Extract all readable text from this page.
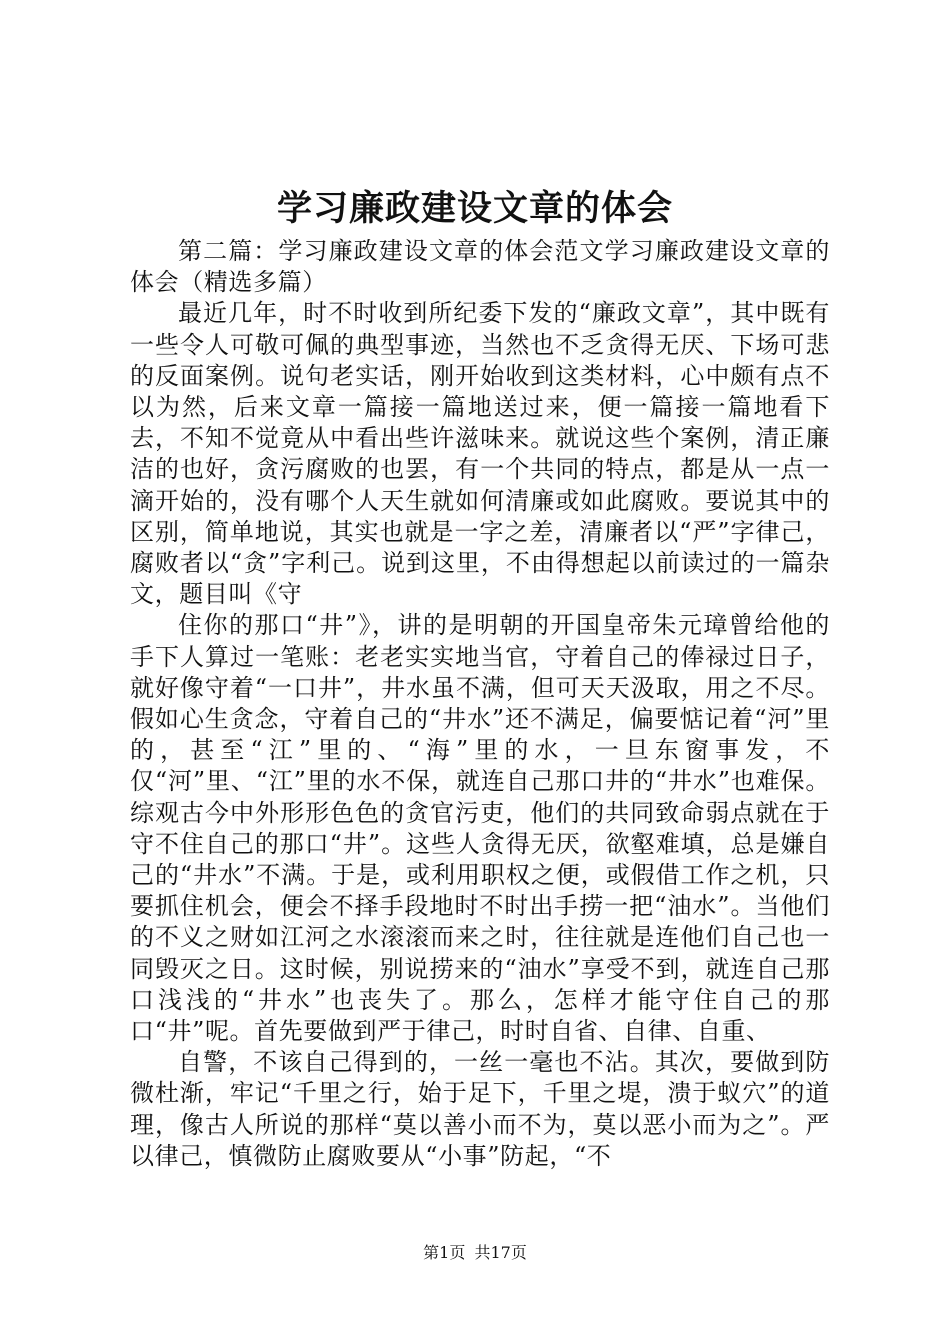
学习廉政建设文章的体会

第二篇：学习廉政建设文章的体会范文学习廉政建设文章的体会（精选多篇）

最近几年，时不时收到所纪委下发的“廉政文章”，其中既有一些令人可敬可佩的典型事迹，当然也不乏贪得无厌、下场可悲的反面案例。说句老实话，刚开始收到这类材料，心中颇有点不以为然，后来文章一篇接一篇地送过来，便一篇接一篇地看下去，不知不觉竟从中看出些许滋味来。就说这些个案例，清正廉洁的也好，贪污腐败的也罢，有一个共同的特点，都是从一点一滴开始的，没有哪个人天生就如何清廉或如此腐败。要说其中的区别，简单地说，其实也就是一字之差，清廉者以“严”字律己，腐败者以“贪”字利己。说到这里，不由得想起以前读过的一篇杂文，题目叫《守

住你的那口“井”》，讲的是明朝的开国皇帝朱元璋曾给他的手下人算过一笔账：老老实实地当官，守着自己的俸禄过日子，就好像守着“一口井”，井水虽不满，但可天天汲取，用之不尽。假如心生贪念，守着自己的“井水”还不满足，偏要惦记着“河”里的，甚至“江”里的、“海”里的水，一旦东窗事发，不仅“河”里、“江”里的水不保，就连自己那口井的“井水”也难保。综观古今中外形形色色的贪官污吏，他们的共同致命弱点就在于守不住自己的那口“井”。这些人贪得无厌，欲壑难填，总是嫌自己的“井水”不满。于是，或利用职权之便，或假借工作之机，只要抓住机会，便会不择手段地时不时出手捞一把“油水”。当他们的不义之财如江河之水滚滚而来之时，往往就是连他们自己也一同毁灭之日。这时候，别说捞来的“油水”享受不到，就连自己那口浅浅的“井水”也丧失了。那么，怎样才能守住自己的那口“井”呢。首先要做到严于律己，时时自省、自律、自重、

自警，不该自己得到的，一丝一毫也不沾。其次，要做到防微杜渐，牢记“千里之行，始于足下，千里之堤，溃于蚁穴”的道理，像古人所说的那样“莫以善小而不为，莫以恶小而为之”。严以律己，慎微防止腐败要从“小事”防起，“不

第1页 共17页
